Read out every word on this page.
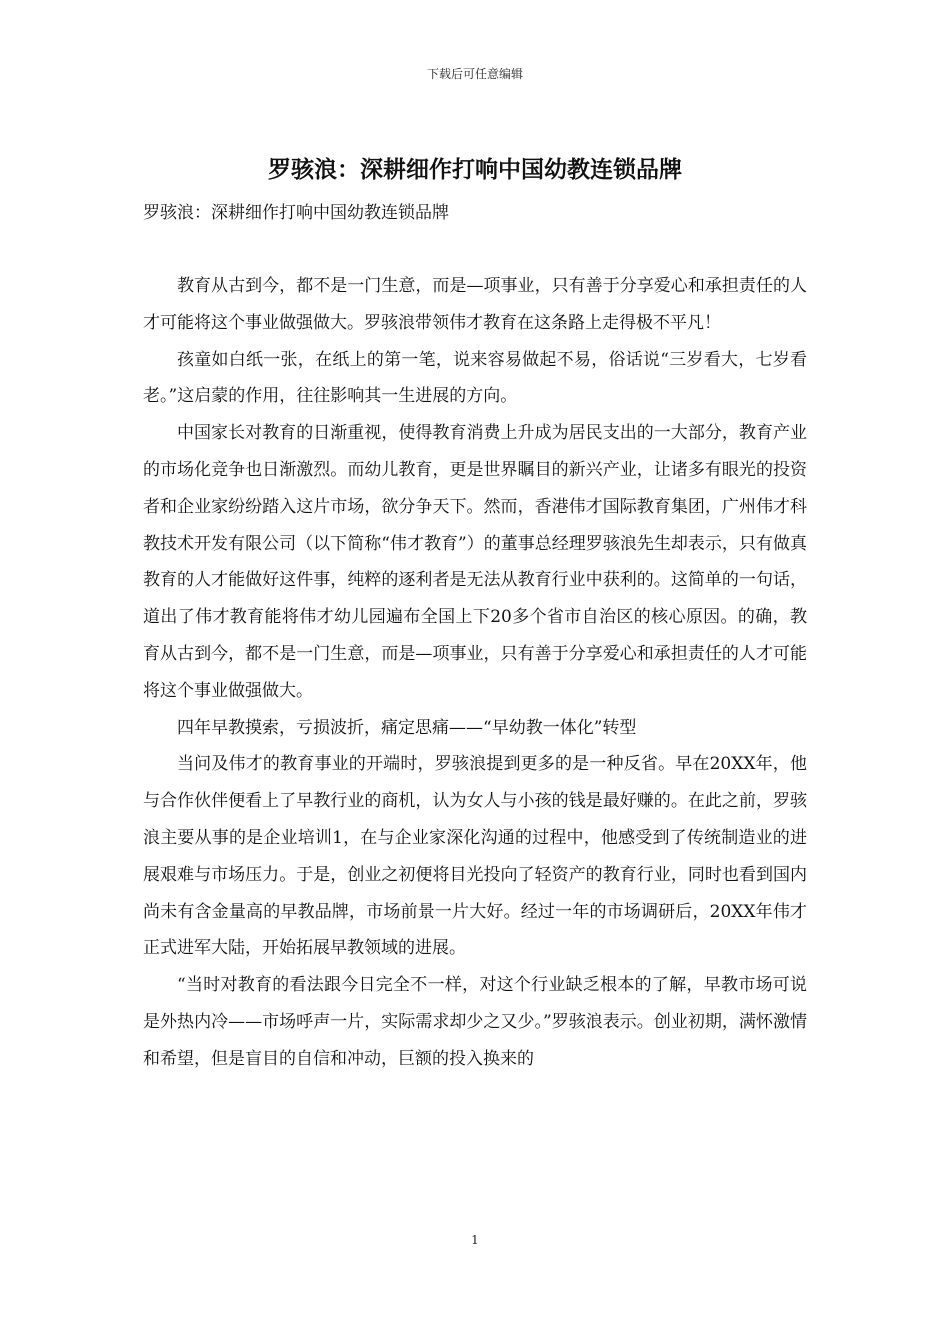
下载后可任意编辑
罗骇浪：深耕细作打响中国幼教连锁品牌
罗骇浪：深耕细作打响中国幼教连锁品牌

教育从古到今，都不是一门生意，而是—项事业，只有善于分享爱心和承担责任的人才可能将这个事业做强做大。罗骇浪带领伟才教育在这条路上走得极不平凡！

孩童如白纸一张，在纸上的第一笔，说来容易做起不易，俗话说“三岁看大，七岁看老。”这启蒙的作用，往往影响其一生进展的方向。

中国家长对教育的日渐重视，使得教育消费上升成为居民支出的一大部分，教育产业的市场化竞争也日渐激烈。而幼儿教育，更是世界瞩目的新兴产业，让诸多有眼光的投资者和企业家纷纷踏入这片市场，欲分争天下。然而，香港伟才国际教育集团，广州伟才科教技术开发有限公司（以下简称“伟才教育”）的董事总经理罗骇浪先生却表示，只有做真教育的人才能做好这件事，纯粹的逐利者是无法从教育行业中获利的。这简单的一句话，道出了伟才教育能将伟才幼儿园遍布全国上下20多个省市自治区的核心原因。的确，教育从古到今，都不是一门生意，而是—项事业，只有善于分享爱心和承担责任的人才可能将这个事业做强做大。

四年早教摸索，亏损波折，痛定思痛——“早幼教一体化”转型

当问及伟才的教育事业的开端时，罗骇浪提到更多的是一种反省。早在20XX年，他与合作伙伴便看上了早教行业的商机，认为女人与小孩的钱是最好赚的。在此之前，罗骇浪主要从事的是企业培训1，在与企业家深化沟通的过程中，他感受到了传统制造业的进展艰难与市场压力。于是，创业之初便将目光投向了轻资产的教育行业，同时也看到国内尚未有含金量高的早教品牌，市场前景一片大好。经过一年的市场调研后，20XX年伟才正式进军大陆，开始拓展早教领域的进展。

“当时对教育的看法跟今日完全不一样，对这个行业缺乏根本的了解，早教市场可说是外热内冷——市场呼声一片，实际需求却少之又少。”罗骇浪表示。创业初期，满怀激情和希望，但是盲目的自信和冲动，巨额的投入换来的

1
